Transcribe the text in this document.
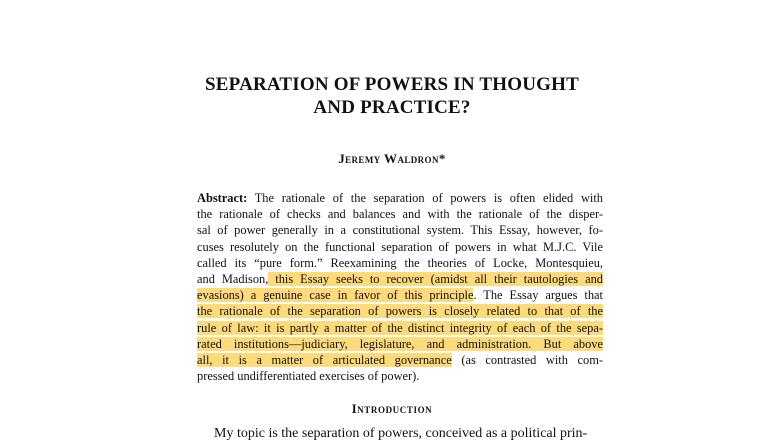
SEPARATION OF POWERS IN THOUGHT
AND PRACTICE?

Jeremy Waldron*

Abstract: The rationale of the separation of powers is often elided with
the rationale of checks and balances and with the rationale of the disper-
sal of power generally in a constitutional system. This Essay, however, fo-
cuses resolutely on the functional separation of powers in what M.J.C. Vile
called its “pure form.” Reexamining the theories of Locke, Montesquieu,
and Madison, this Essay seeks to recover (amidst all their tautologies and
evasions) a genuine case in favor of this principle. The Essay argues that
the rationale of the separation of powers is closely related to that of the
rule of law: it is partly a matter of the distinct integrity of each of the sepa-
rated institutions—judiciary, legislature, and administration. But above
all, it is a matter of articulated governance (as contrasted with com-
pressed undifferentiated exercises of power).
Introduction

My topic is the separation of powers, conceived as a political prin-
